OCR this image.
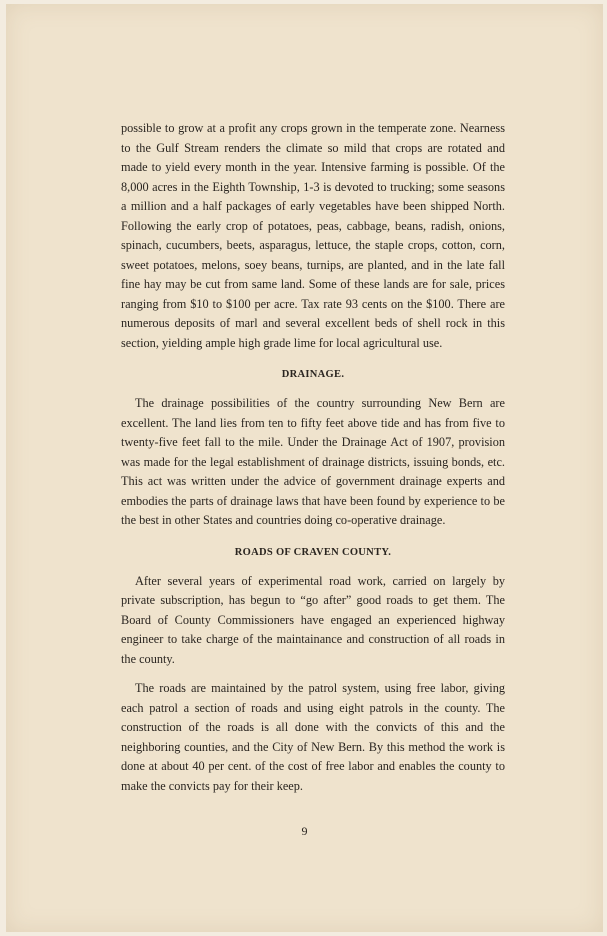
possible to grow at a profit any crops grown in the temperate zone. Nearness to the Gulf Stream renders the climate so mild that crops are rotated and made to yield every month in the year. Intensive farming is possible. Of the 8,000 acres in the Eighth Township, 1-3 is devoted to trucking; some seasons a million and a half packages of early vegetables have been shipped North. Following the early crop of potatoes, peas, cabbage, beans, radish, onions, spinach, cucumbers, beets, asparagus, lettuce, the staple crops, cotton, corn, sweet potatoes, melons, soey beans, turnips, are planted, and in the late fall fine hay may be cut from same land. Some of these lands are for sale, prices ranging from $10 to $100 per acre. Tax rate 93 cents on the $100. There are numerous deposits of marl and several excellent beds of shell rock in this section, yielding ample high grade lime for local agricultural use.

DRAINAGE.

The drainage possibilities of the country surrounding New Bern are excellent. The land lies from ten to fifty feet above tide and has from five to twenty-five feet fall to the mile. Under the Drainage Act of 1907, provision was made for the legal establishment of drainage districts, issuing bonds, etc. This act was written under the advice of government drainage experts and embodies the parts of drainage laws that have been found by experience to be the best in other States and countries doing co-operative drainage.

ROADS OF CRAVEN COUNTY.

After several years of experimental road work, carried on largely by private subscription, has begun to “go after” good roads to get them. The Board of County Commissioners have engaged an experienced highway engineer to take charge of the maintainance and construction of all roads in the county.

The roads are maintained by the patrol system, using free labor, giving each patrol a section of roads and using eight patrols in the county. The construction of the roads is all done with the convicts of this and the neighboring counties, and the City of New Bern. By this method the work is done at about 40 per cent. of the cost of free labor and enables the county to make the convicts pay for their keep.

9
